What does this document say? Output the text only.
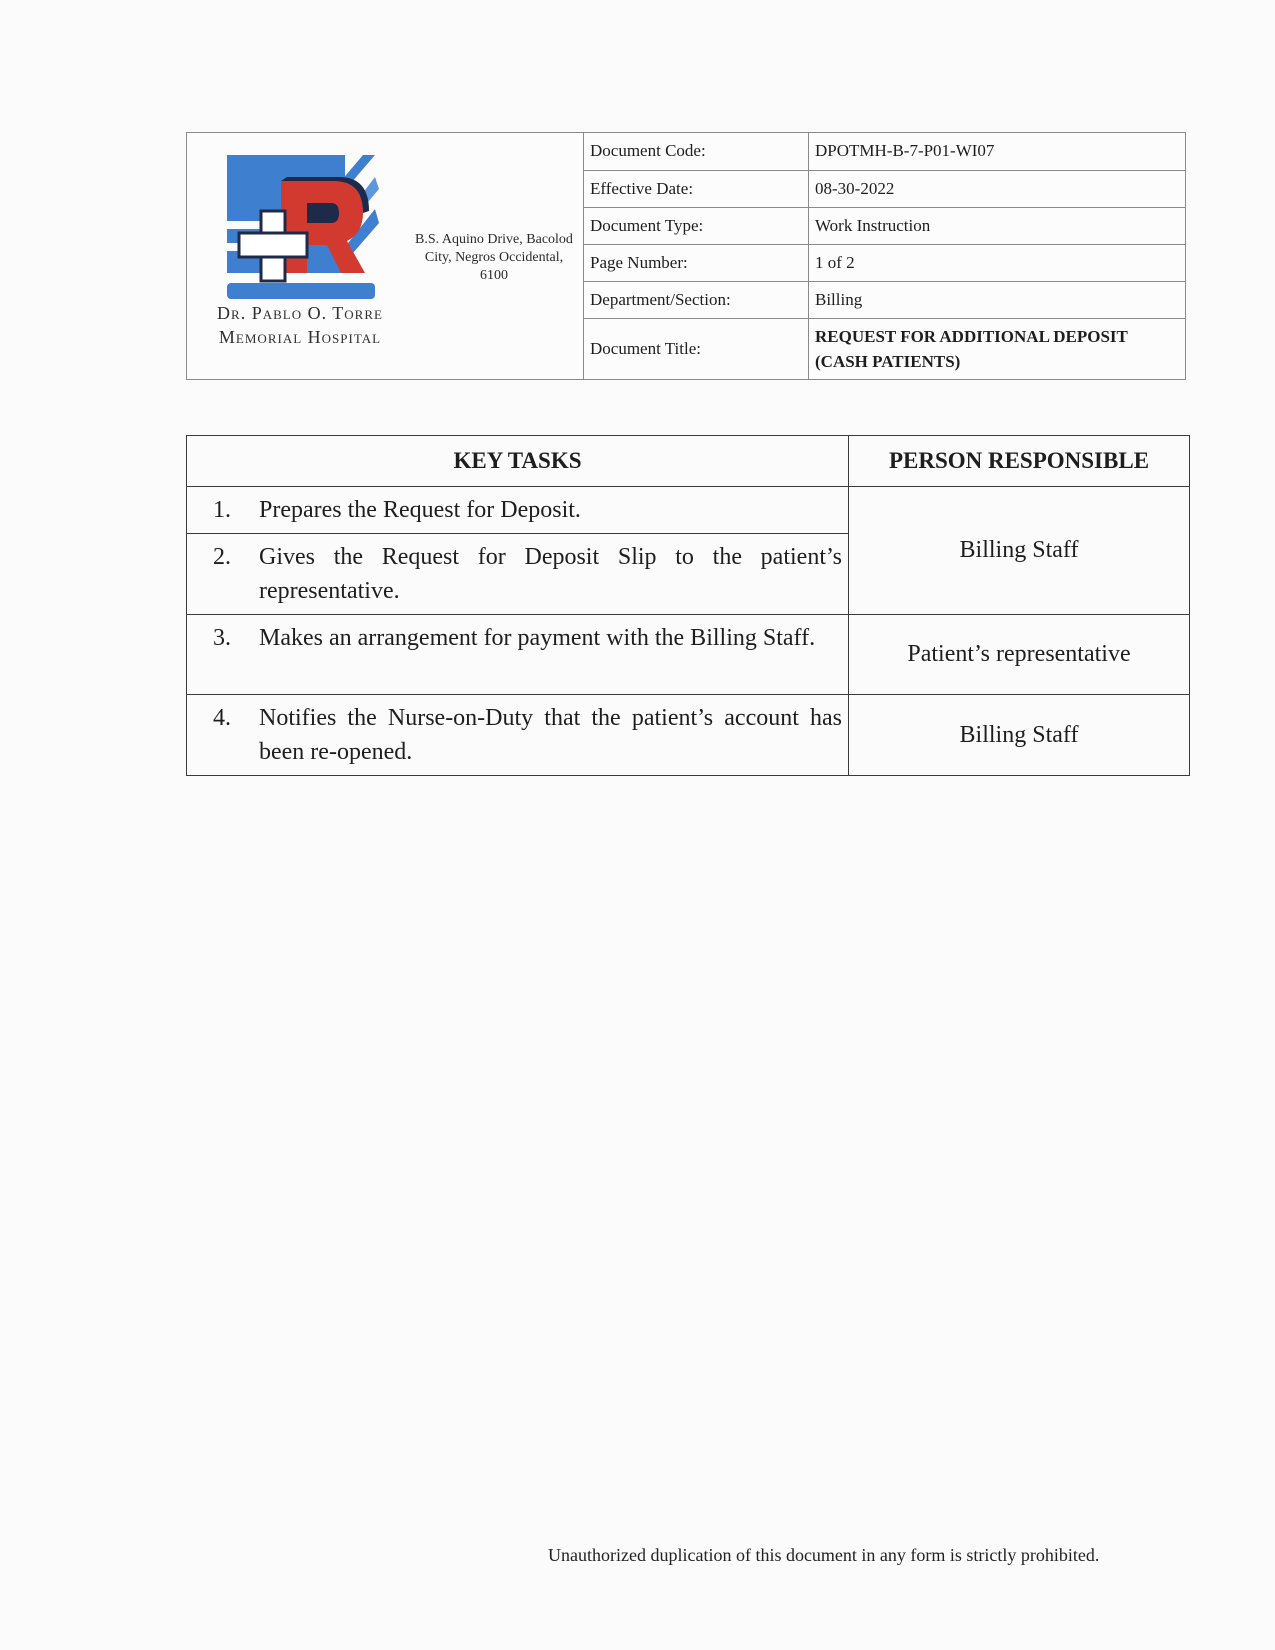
Dr. Pablo O. Torre
Memorial Hospital
B.S. Aquino Drive, Bacolod City, Negros Occidental, 6100
Document Code:	DPOTMH-B-7-P01-WI07
Effective Date:	08-30-2022
Document Type:	Work Instruction
Page Number:	1 of 2
Department/Section:	Billing
Document Title:	REQUEST FOR ADDITIONAL DEPOSIT (CASH PATIENTS)
KEY TASKS	PERSON RESPONSIBLE

1. Prepares the Request for Deposit.	Billing Staff

2. Gives the Request for Deposit Slip to the patient’s representative.	

3. Makes an arrangement for payment with the Billing Staff.	Patient’s representative

4. Notifies the Nurse-on-Duty that the patient’s account has been re-opened.	Billing Staff
Unauthorized duplication of this document in any form is strictly prohibited.
